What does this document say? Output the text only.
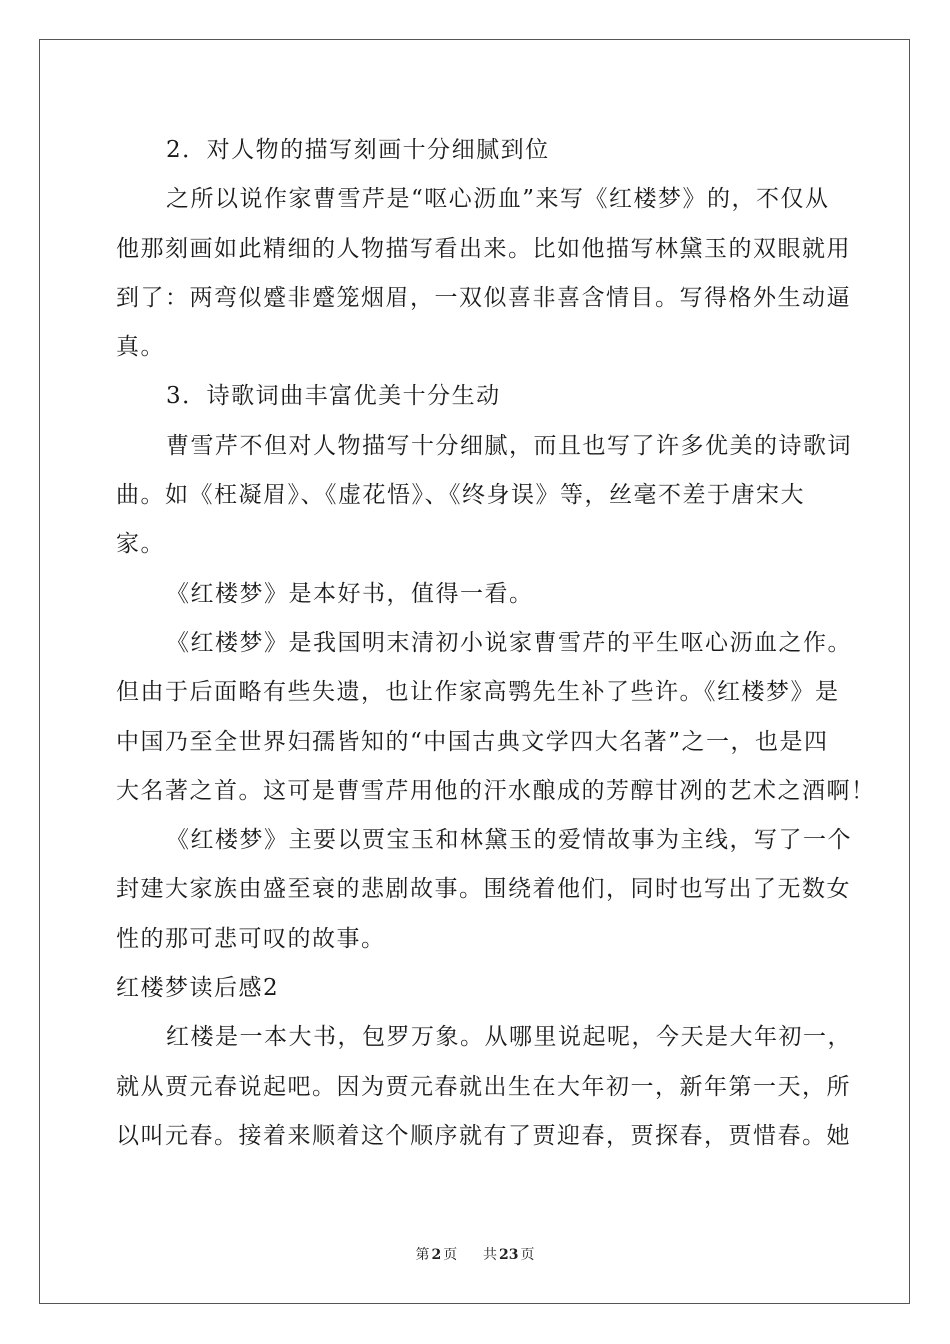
2．对人物的描写刻画十分细腻到位
之所以说作家曹雪芹是“呕心沥血”来写《红楼梦》的，不仅从
他那刻画如此精细的人物描写看出来。比如他描写林黛玉的双眼就用
到了：两弯似蹙非蹙笼烟眉，一双似喜非喜含情目。写得格外生动逼
真。
3．诗歌词曲丰富优美十分生动
曹雪芹不但对人物描写十分细腻，而且也写了许多优美的诗歌词
曲。如《枉凝眉》、《虚花悟》、《终身误》等，丝毫不差于唐宋大
家。
《红楼梦》是本好书，值得一看。
《红楼梦》是我国明末清初小说家曹雪芹的平生呕心沥血之作。
但由于后面略有些失遗，也让作家高鹗先生补了些许。《红楼梦》是
中国乃至全世界妇孺皆知的“中国古典文学四大名著”之一，也是四
大名著之首。这可是曹雪芹用他的汗水酿成的芳醇甘冽的艺术之酒啊！
《红楼梦》主要以贾宝玉和林黛玉的爱情故事为主线，写了一个
封建大家族由盛至衰的悲剧故事。围绕着他们，同时也写出了无数女
性的那可悲可叹的故事。
红楼梦读后感2
红楼是一本大书，包罗万象。从哪里说起呢，今天是大年初一，
就从贾元春说起吧。因为贾元春就出生在大年初一，新年第一天，所
以叫元春。接着来顺着这个顺序就有了贾迎春，贾探春，贾惜春。她
第 2 页 共 23 页
